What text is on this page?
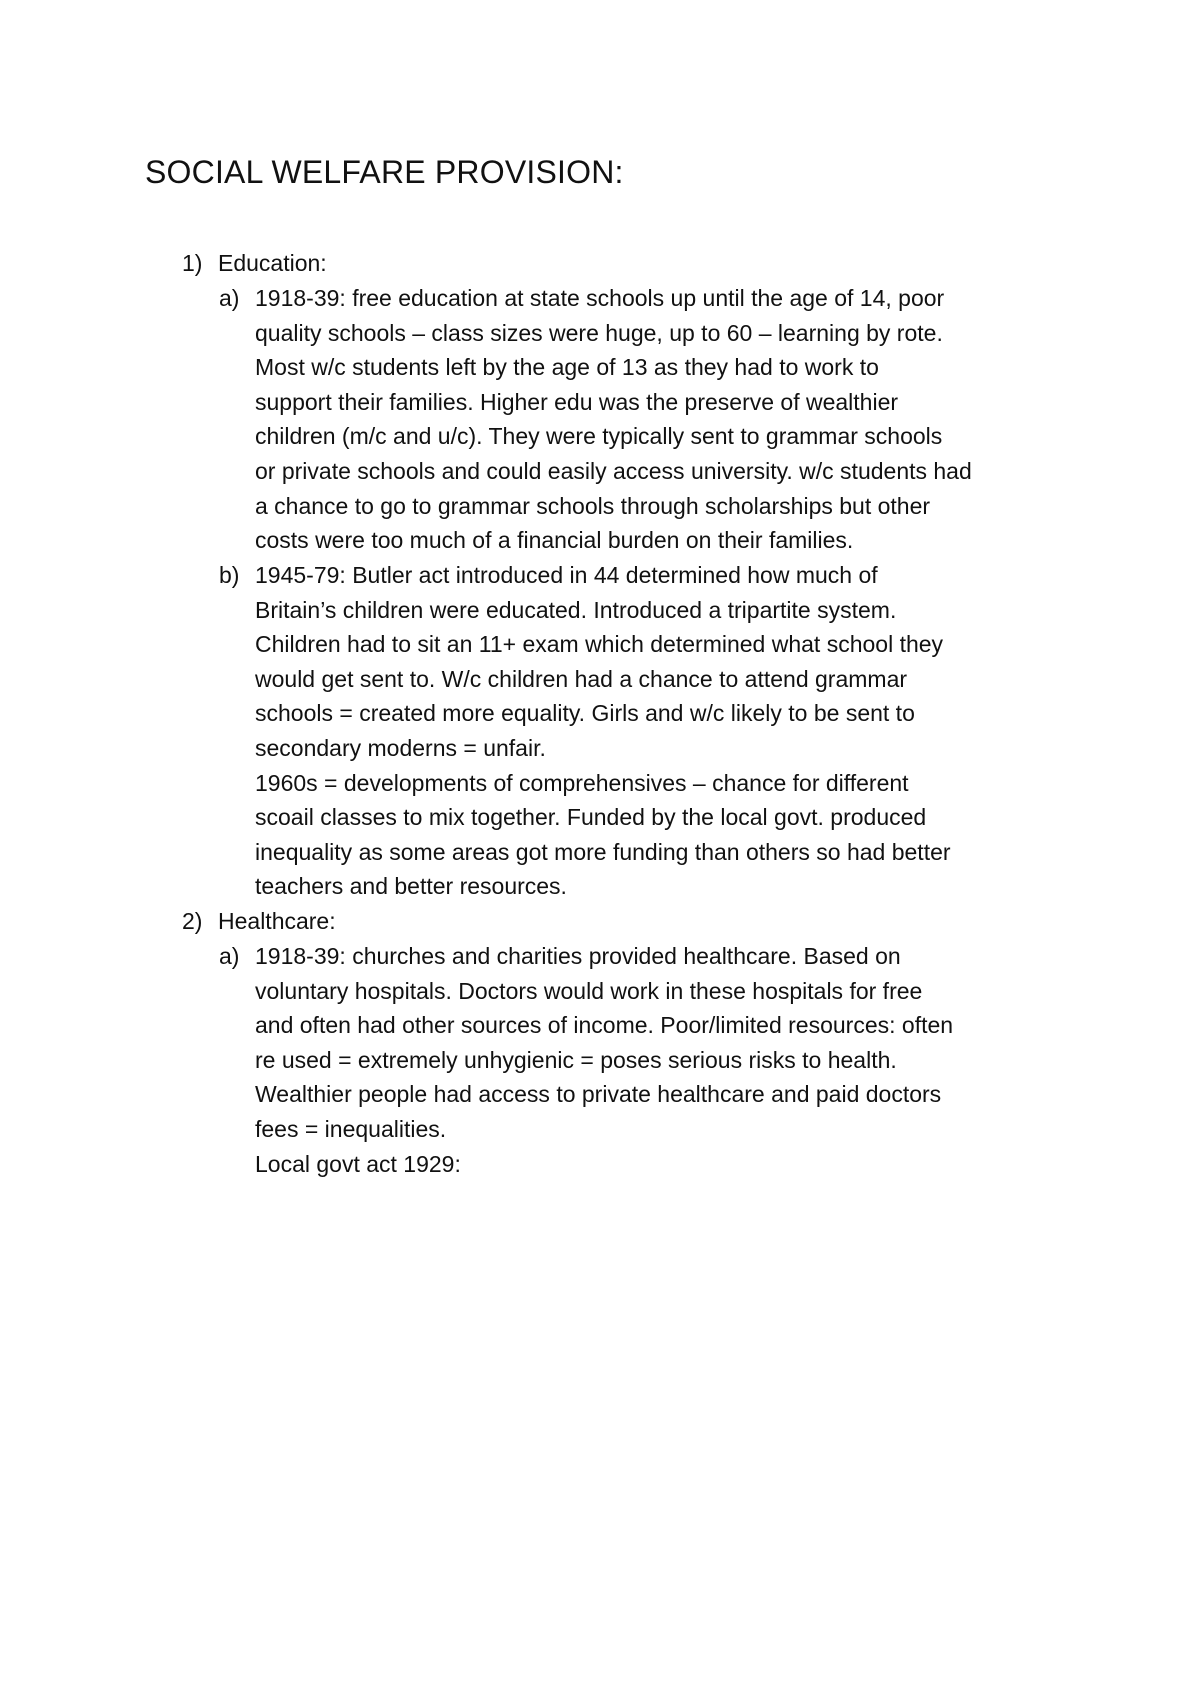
SOCIAL WELFARE PROVISION:
1) Education:
a) 1918-39: free education at state schools up until the age of 14, poor
quality schools – class sizes were huge, up to 60 – learning by rote.
Most w/c students left by the age of 13 as they had to work to
support their families. Higher edu was the preserve of wealthier
children (m/c and u/c). They were typically sent to grammar schools
or private schools and could easily access university. w/c students had
a chance to go to grammar schools through scholarships but other
costs were too much of a financial burden on their families.
b) 1945-79: Butler act introduced in 44 determined how much of
Britain’s children were educated. Introduced a tripartite system.
Children had to sit an 11+ exam which determined what school they
would get sent to. W/c children had a chance to attend grammar
schools = created more equality. Girls and w/c likely to be sent to
secondary moderns = unfair.
1960s = developments of comprehensives – chance for different
scoail classes to mix together. Funded by the local govt. produced
inequality as some areas got more funding than others so had better
teachers and better resources.
2) Healthcare:
a) 1918-39: churches and charities provided healthcare. Based on
voluntary hospitals. Doctors would work in these hospitals for free
and often had other sources of income. Poor/limited resources: often
re used = extremely unhygienic = poses serious risks to health.
Wealthier people had access to private healthcare and paid doctors
fees = inequalities.
Local govt act 1929:
